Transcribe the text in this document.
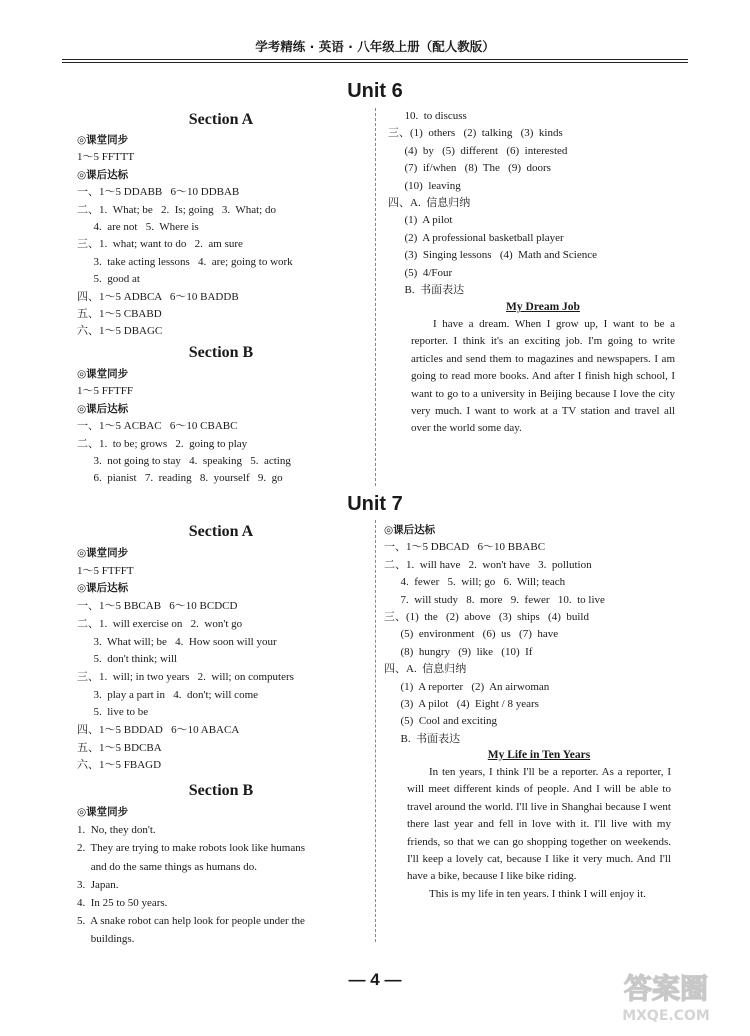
学考精练 · 英语 · 八年级上册（配人教版）
Unit 6
Section A
◎课堂同步
1～5 FFTTT
◎课后达标
一、1～5 DDABB   6～10 DDBAB
二、1.  What; be   2.  Is; going   3.  What; do
4.  are not   5.  Where is
三、1.  what; want to do   2.  am sure
3.  take acting lessons   4.  are; going to work
5.  good at
四、1～5 ADBCA   6～10 BADDB
五、1～5 CBABD
六、1～5 DBAGC
Section B
◎课堂同步
1～5 FFTFF
◎课后达标
一、1～5 ACBAC   6～10 CBABC
二、1.  to be; grows   2.  going to play
3.  not going to stay   4.  speaking   5.  acting
6.  pianist   7.  reading   8.  yourself   9.  go
10.  to discuss
三、(1)  others   (2)  talking   (3)  kinds
(4)  by   (5)  different   (6)  interested
(7)  if/when   (8)  The   (9)  doors
(10)  leaving
四、A.  信息归纳
(1)  A pilot
(2)  A professional basketball player
(3)  Singing lessons   (4)  Math and Science
(5)  4/Four
B.  书面表达
My Dream Job

I have a dream. When I grow up, I want to be a reporter. I think it's an exciting job. I'm going to write articles and send them to magazines and newspapers. I am going to read more books. And after I finish high school, I want to go to a university in Beijing because I love the city very much. I want to work at a TV station and travel all over the world some day.

Unit 7
Section A
◎课堂同步
1～5 FTFFT
◎课后达标
一、1～5 BBCAB   6～10 BCDCD
二、1.  will exercise on   2.  won't go
3.  What will; be   4.  How soon will your
5.  don't think; will
三、1.  will; in two years   2.  will; on computers
3.  play a part in   4.  don't; will come
5.  live to be
四、1～5 BDDAD   6～10 ABACA
五、1～5 BDCBA
六、1～5 FBAGD
Section B
◎课堂同步
1.  No, they don't.
2.  They are trying to make robots look like humans
and do the same things as humans do.
3.  Japan.
4.  In 25 to 50 years.
5.  A snake robot can help look for people under the
buildings.
◎课后达标
一、1～5 DBCAD   6～10 BBABC
二、1.  will have   2.  won't have   3.  pollution
4.  fewer   5.  will; go   6.  Will; teach
7.  will study   8.  more   9.  fewer   10.  to live
三、(1)  the   (2)  above   (3)  ships   (4)  build
(5)  environment   (6)  us   (7)  have
(8)  hungry   (9)  like   (10)  If
四、A.  信息归纳
(1)  A reporter   (2)  An airwoman
(3)  A pilot   (4)  Eight / 8 years
(5)  Cool and exciting
B.  书面表达
My Life in Ten Years

In ten years, I think I'll be a reporter. As a reporter, I will meet different kinds of people. And I will be able to travel around the world. I'll live in Shanghai because I went there last year and fell in love with it. I'll live with my friends, so that we can go shopping together on weekends. I'll keep a lovely cat, because I like it very much. And I'll have a bike, because I like bike riding.

This is my life in ten years. I think I will enjoy it.

— 4 —	答案圈
MXQE.COM
